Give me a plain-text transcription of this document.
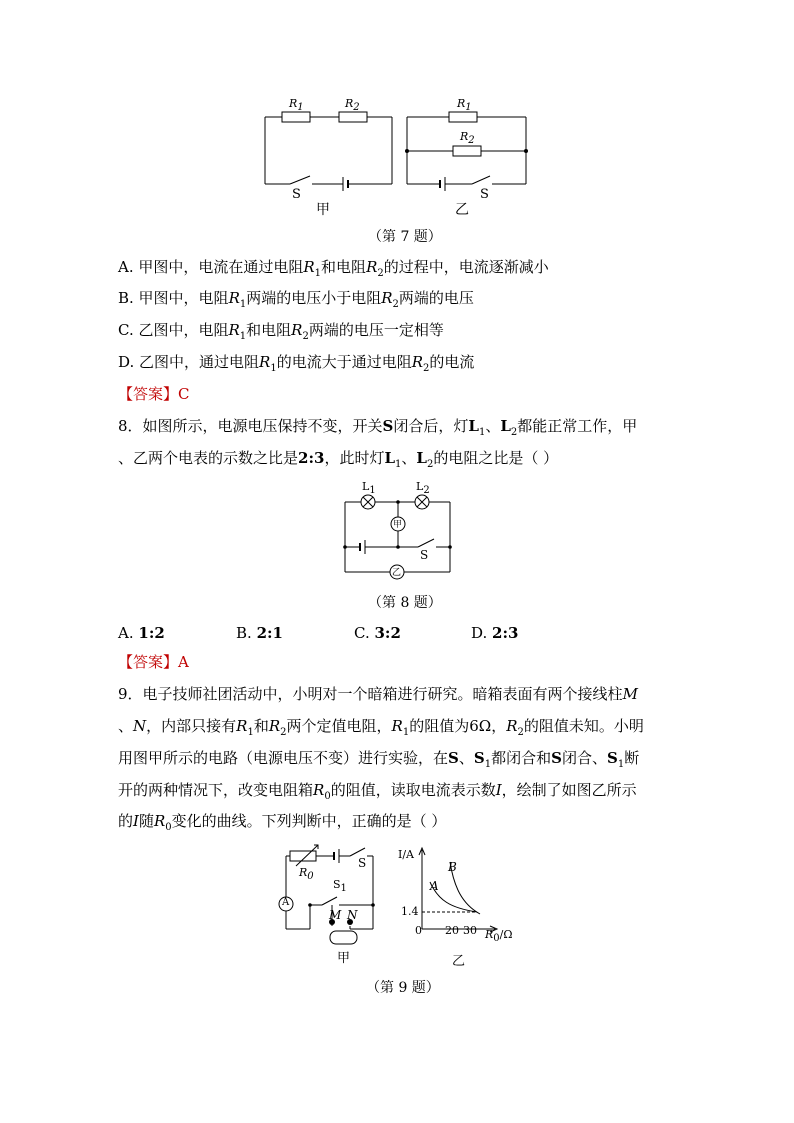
$R_1$	$R_2$
S
甲
$R_1$
$R_2$
S
乙
（第 7 题）
A. 甲图中，电流在通过电阻$R_1$和电阻$R_2$的过程中，电流逐渐减小
B. 甲图中，电阻$R_1$两端的电压小于电阻$R_2$两端的电压
C. 乙图中，电阻$R_1$和电阻$R_2$两端的电压一定相等
D. 乙图中，通过电阻$R_1$的电流大于通过电阻$R_2$的电流
【答案】C
8．如图所示，电源电压保持不变，开关S闭合后，灯$L_1$、$L_2$都能正常工作，甲
、乙两个电表的示数之比是2:3，此时灯$L_1$、$L_2$的电阻之比是（ ）
$L_1$	$L_2$
甲
乙
S
（第 8 题）
A. 1:2	B. 2:1	C. 3:2	D. 2:3
【答案】A
9．电子技师社团活动中，小明对一个暗箱进行研究。暗箱表面有两个接线柱M
、N，内部只接有$R_1$和$R_2$两个定值电阻，$R_1$的阻值为6Ω，$R_2$的阻值未知。小明
用图甲所示的电路（电源电压不变）进行实验，在S、$S_1$都闭合和S闭合、$S_1$断
开的两种情况下，改变电阻箱$R_0$的阻值，读取电流表示数I，绘制了如图乙所示
的I随$R_0$变化的曲线。下列判断中，正确的是（ ）
$R_0$
S
$S_1$
A
M N
甲
I/A
B
A
1.4
0 20 30 $R_0/\Omega$
乙
（第 9 题）
